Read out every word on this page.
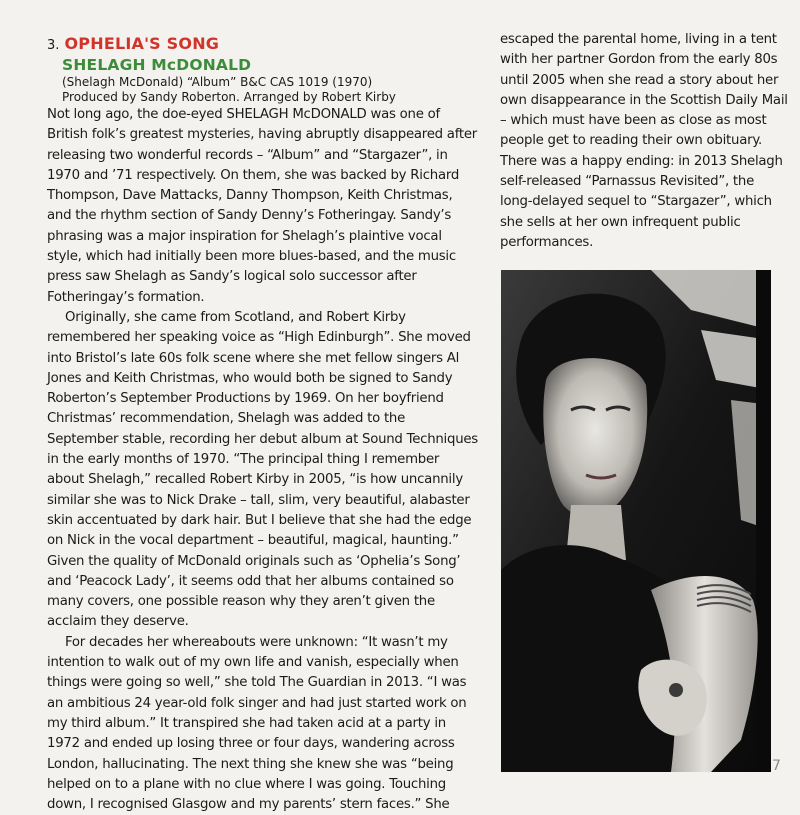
3. OPHELIA'S SONG
SHELAGH McDONALD
(Shelagh McDonald) “Album” B&C CAS 1019 (1970)
Produced by Sandy Roberton. Arranged by Robert Kirby

Not long ago, the doe-eyed SHELAGH McDONALD was one of British folk’s greatest mysteries, having abruptly disappeared after releasing two wonderful records – “Album” and “Stargazer”, in 1970 and ’71 respectively. On them, she was backed by Richard Thompson, Dave Mattacks, Danny Thompson, Keith Christmas, and the rhythm section of Sandy Denny’s Fotheringay. Sandy’s phrasing was a major inspiration for Shelagh’s plaintive vocal style, which had initially been more blues-based, and the music press saw Shelagh as Sandy’s logical solo successor after Fotheringay’s formation.

Originally, she came from Scotland, and Robert Kirby remembered her speaking voice as “High Edinburgh”. She moved into Bristol’s late 60s folk scene where she met fellow singers Al Jones and Keith Christmas, who would both be signed to Sandy Roberton’s September Productions by 1969. On her boyfriend Christmas’ recommendation, Shelagh was added to the September stable, recording her debut album at Sound Techniques in the early months of 1970. “The principal thing I remember about Shelagh,” recalled Robert Kirby in 2005, “is how uncannily similar she was to Nick Drake – tall, slim, very beautiful, alabaster skin accentuated by dark hair. But I believe that she had the edge on Nick in the vocal department – beautiful, magical, haunting.” Given the quality of McDonald originals such as ‘Ophelia’s Song’ and ‘Peacock Lady’, it seems odd that her albums contained so many covers, one possible reason why they aren’t given the acclaim they deserve.

For decades her whereabouts were unknown: “It wasn’t my intention to walk out of my own life and vanish, especially when things were going so well,” she told The Guardian in 2013. “I was an ambitious 24 year-old folk singer and had just started work on my third album.” It transpired she had taken acid at a party in 1972 and ended up losing three or four days, wandering across London, hallucinating. The next thing she knew she was “being helped on to a plane with no clue where I was going. Touching down, I recognised Glasgow and my parents’ stern faces.” She

escaped the parental home, living in a tent with her partner Gordon from the early 80s until 2005 when she read a story about her own disappearance in the Scottish Daily Mail – which must have been as close as most people get to reading their own obituary. There was a happy ending: in 2013 Shelagh self-released “Parnassus Revisited”, the long-delayed sequel to “Stargazer”, which she sells at her own infrequent public performances.

7
